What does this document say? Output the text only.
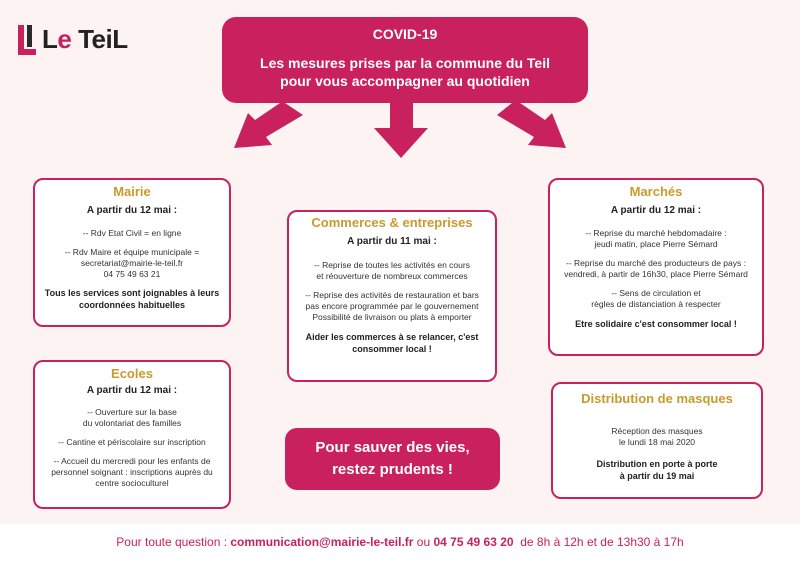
Le TeiL	COVID-19
Les mesures prises par la commune du Teil
pour vous accompagner au quotidien
Mairie
A partir du 12 mai :

-- Rdv Etat Civil = en ligne

-- Rdv Maire et équipe municipale =
secretariat@mairie-le-teil.fr
04 75 49 63 21

Tous les services sont joignables à leurs coordonnées habituelles
Ecoles
A partir du 12 mai :

-- Ouverture sur la base
du volontariat des familles

-- Cantine et périscolaire sur inscription

-- Accueil du mercredi pour les enfants de personnel soignant : inscriptions auprès du centre socioculturel

Commerces & entreprises
A partir du 11 mai :

-- Reprise de toutes les activités en cours
et réouverture de nombreux commerces

-- Reprise des activités de restauration et bars
pas encore programmée par le gouvernement
Possibilité de livraison ou plats à emporter

Aider les commerces à se relancer, c'est consommer local !
Marchés
A partir du 12 mai :

-- Reprise du marché hebdomadaire :
jeudi matin, place Pierre Sémard

-- Reprise du marché des producteurs de pays :
vendredi, à partir de 16h30, place Pierre Sémard

-- Sens de circulation et
règles de distanciation à respecter

Etre solidaire c'est consommer local !
Distribution de masques

Réception des masques
le lundi 18 mai 2020

Distribution en porte à porte
à partir du 19 mai
Pour sauver des vies,
restez prudents !
Pour toute question : communication@mairie-le-teil.fr ou 04 75 49 63 20  de 8h à 12h et de 13h30 à 17h
